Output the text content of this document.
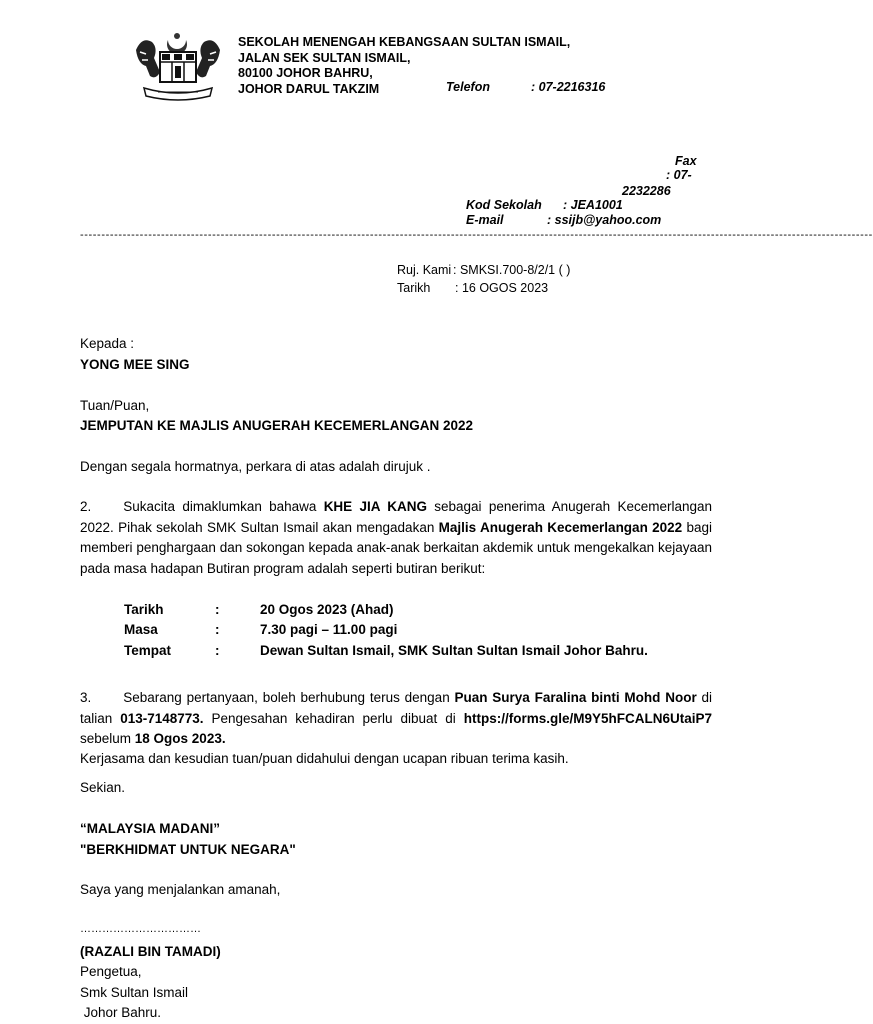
SEKOLAH MENENGAH KEBANGSAAN SULTAN ISMAIL,
JALAN SEK SULTAN ISMAIL,
80100 JOHOR BAHRU,
JOHOR DARUL TAKZIM	Telefon	: 07-2216316
Fax
: 07-
2232286
Kod Sekolah : JEA1001
E-mail	: ssijb@yahoo.com
------------------------------------------------------------------------------------------------------------------------------------------------------------------------------------------
Ruj. Kami : SMKSI.700-8/2/1 ( )
Tarikh : 16 OGOS 2023
Kepada :
YONG MEE SING
Tuan/Puan,
JEMPUTAN KE MAJLIS ANUGERAH KECEMERLANGAN 2022
Dengan segala hormatnya, perkara di atas adalah dirujuk .
2. Sukacita dimaklumkan bahawa KHE JIA KANG sebagai penerima Anugerah Kecemerlangan 2022. Pihak sekolah SMK Sultan Ismail akan mengadakan Majlis Anugerah Kecemerlangan 2022 bagi memberi penghargaan dan sokongan kepada anak-anak berkaitan akdemik untuk mengekalkan kejayaan pada masa hadapan Butiran program adalah seperti butiran berikut:
Tarikh	:	20 Ogos 2023 (Ahad)
Masa	:	7.30 pagi – 11.00 pagi
Tempat	:	Dewan Sultan Ismail, SMK Sultan Sultan Ismail Johor Bahru.
3. Sebarang pertanyaan, boleh berhubung terus dengan Puan Surya Faralina binti Mohd Noor di talian 013-7148773. Pengesahan kehadiran perlu dibuat di https://forms.gle/M9Y5hFCALN6UtaiP7 sebelum 18 Ogos 2023.
Kerjasama dan kesudian tuan/puan didahului dengan ucapan ribuan terima kasih.
Sekian.
“MALAYSIA MADANI”
"BERKHIDMAT UNTUK NEGARA"
Saya yang menjalankan amanah,
……………………………
(RAZALI BIN TAMADI)
Pengetua,
Smk Sultan Ismail
Johor Bahru.
